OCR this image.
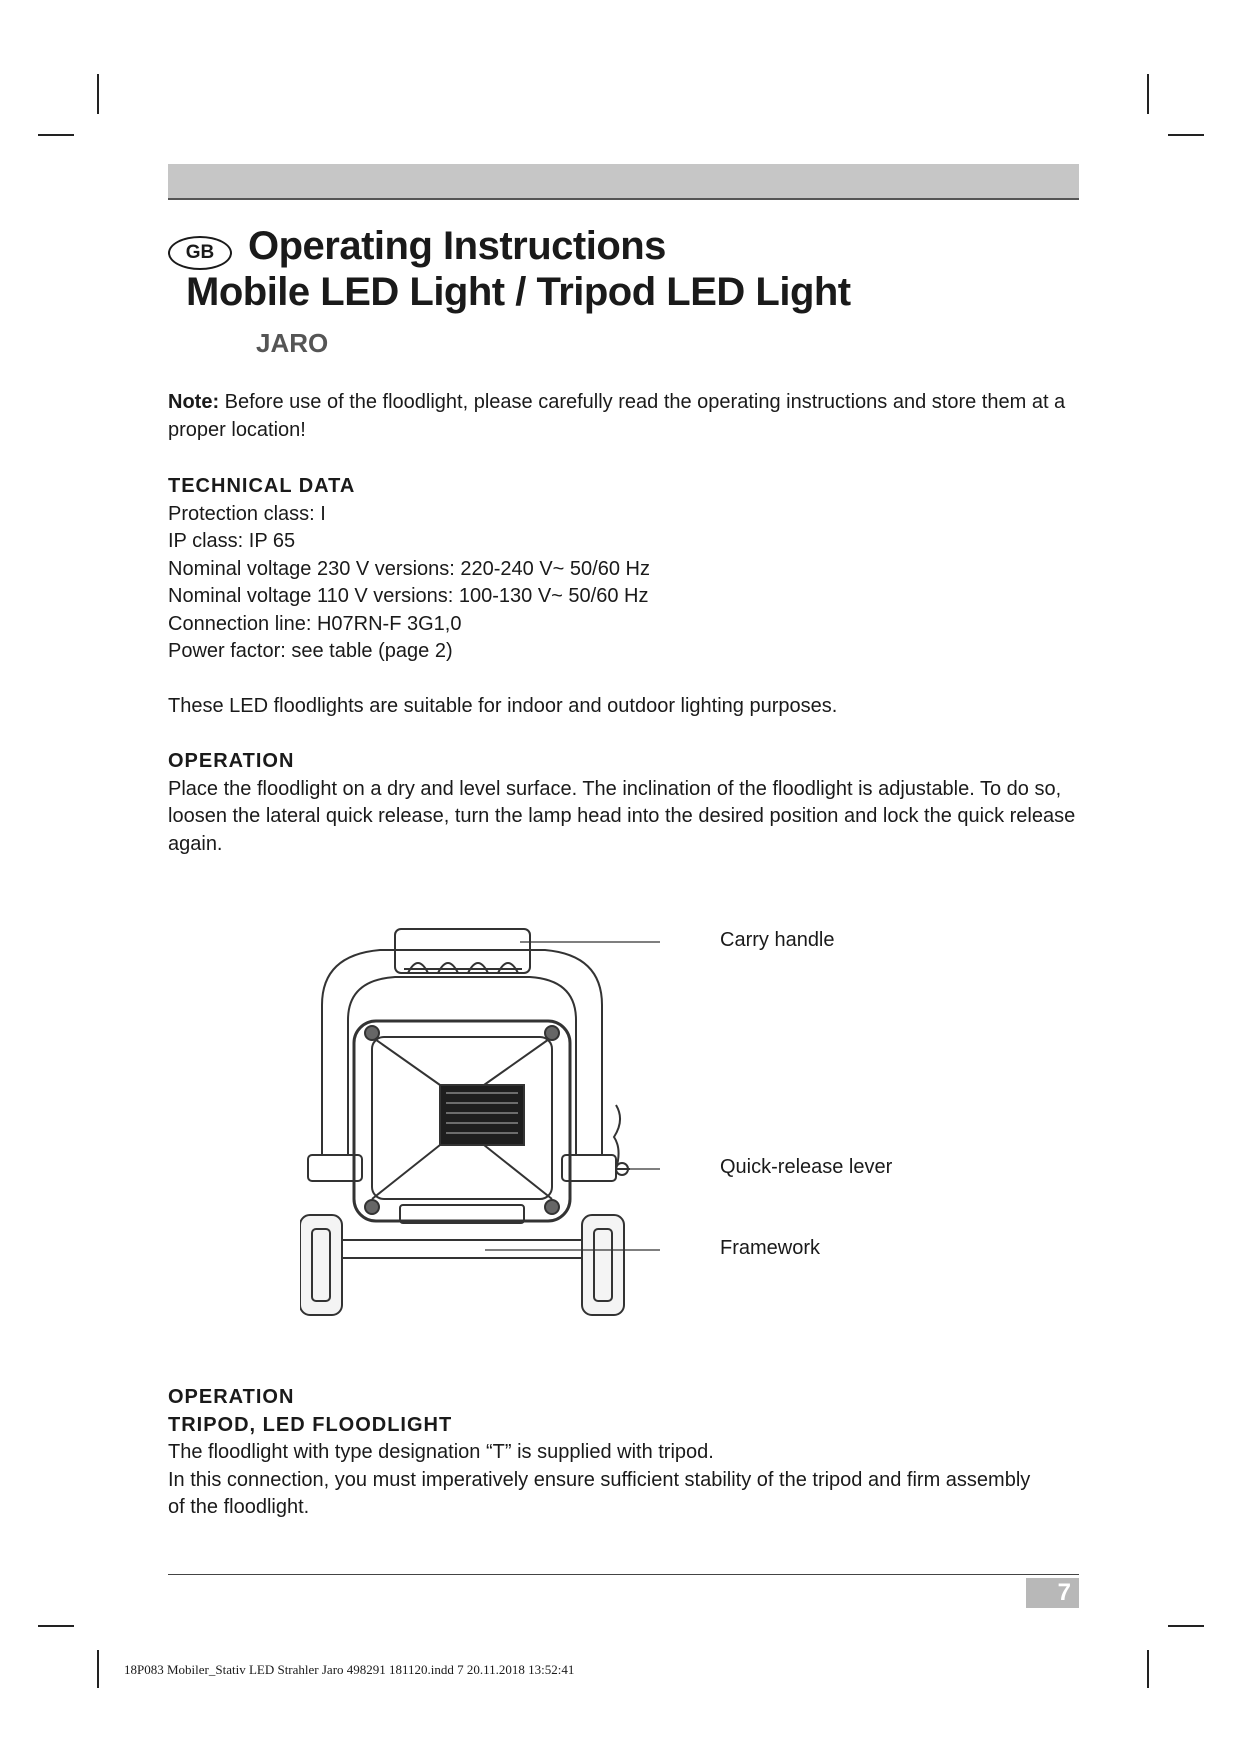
GB Operating Instructions
Mobile LED Light / Tripod LED Light
JARO
Note: Before use of the floodlight, please carefully read the operating instructions and store them at a proper location!
TECHNICAL DATA
Protection class: I
IP class: IP 65
Nominal voltage 230 V versions: 220-240 V~ 50/60 Hz
Nominal voltage 110 V versions: 100-130 V~ 50/60 Hz
Connection line: H07RN-F 3G1,0
Power factor: see table (page 2)
These LED floodlights are suitable for indoor and outdoor lighting purposes.
OPERATION
Place the floodlight on a dry and level surface. The inclination of the floodlight is adjustable. To do so, loosen the lateral quick release, turn the lamp head into the desired position and lock the quick release again.
Carry handle
Quick-release lever
Framework
OPERATION
TRIPOD, LED FLOODLIGHT
The floodlight with type designation “T” is supplied with tripod.
In this connection, you must imperatively ensure sufficient stability of the tripod and firm assembly of the floodlight.
7
18P083 Mobiler_Stativ LED Strahler Jaro 498291 181120.indd 7 20.11.2018 13:52:41
